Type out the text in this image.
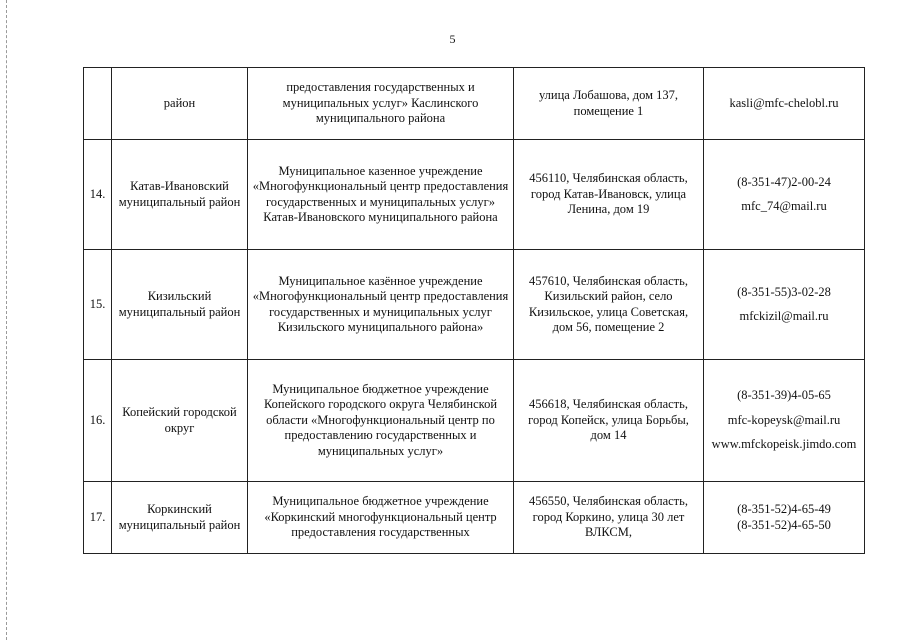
5
	район	предоставления государственных и муниципальных услуг» Каслинского муниципального района	улица Лобашова, дом 137, помещение 1	kasli@mfc-chelobl.ru

14.	Катав-Ивановский муниципальный район	Муниципальное казенное учреждение «Многофункциональный центр предоставления государственных и муниципальных услуг» Катав-Ивановского муниципального района	456110, Челябинская область, город Катав-Ивановск, улица Ленина, дом 19	(8-351-47)2-00-24
mfc_74@mail.ru

15.	Кизильский муниципальный район	Муниципальное казённое учреждение «Многофункциональный центр предоставления государственных и муниципальных услуг Кизильского муниципального района»	457610, Челябинская область, Кизильский район, село Кизильское, улица Советская, дом 56, помещение 2	(8-351-55)3-02-28
mfckizil@mail.ru

16.	Копейский городской округ	Муниципальное бюджетное учреждение Копейского городского округа Челябинской области «Многофункциональный центр по предоставлению государственных и муниципальных услуг»	456618, Челябинская область, город Копейск, улица Борьбы, дом 14	(8-351-39)4-05-65
mfc-kopeysk@mail.ru
www.mfckopeisk.jimdo.com

17.	Коркинский муниципальный район	Муниципальное бюджетное учреждение «Коркинский многофункциональный центр предоставления государственных	456550, Челябинская область, город Коркино, улица 30 лет ВЛКСМ,	(8-351-52)4-65-49
(8-351-52)4-65-50
